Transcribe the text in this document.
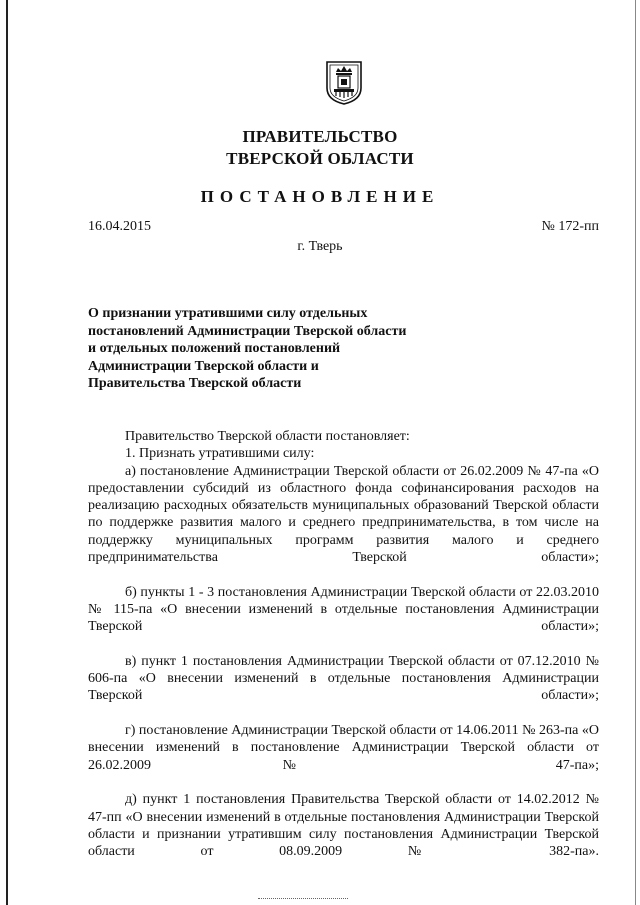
ПРАВИТЕЛЬСТВО
ТВЕРСКОЙ ОБЛАСТИ
ПОСТАНОВЛЕНИЕ
16.04.2015	№ 172-пп
г. Тверь
О признании утратившими силу отдельных
постановлений Администрации Тверской области
и отдельных положений постановлений
Администрации Тверской области и
Правительства Тверской области

Правительство Тверской области постановляет:

1. Признать утратившими силу:

а) постановление Администрации Тверской области от 26.02.2009 № 47-па «О предоставлении субсидий из областного фонда софинансирования расходов на реализацию расходных обязательств муниципальных образований Тверской области по поддержке развития малого и среднего предпринимательства, в том числе на поддержку муниципальных программ развития малого и среднего предпринимательства Тверской области»;

б) пункты 1 - 3 постановления Администрации Тверской области от 22.03.2010 № 115-па «О внесении изменений в отдельные постановления Администрации Тверской области»;

в) пункт 1 постановления Администрации Тверской области от 07.12.2010 № 606-па «О внесении изменений в отдельные постановления Администрации Тверской области»;

г) постановление Администрации Тверской области от 14.06.2011 № 263-па «О внесении изменений в постановление Администрации Тверской области от 26.02.2009 № 47-па»;

д) пункт 1 постановления Правительства Тверской области от 14.02.2012 № 47-пп «О внесении изменений в отдельные постановления Администрации Тверской области и признании утратившим силу постановления Администрации Тверской области от 08.09.2009 № 382-па».
